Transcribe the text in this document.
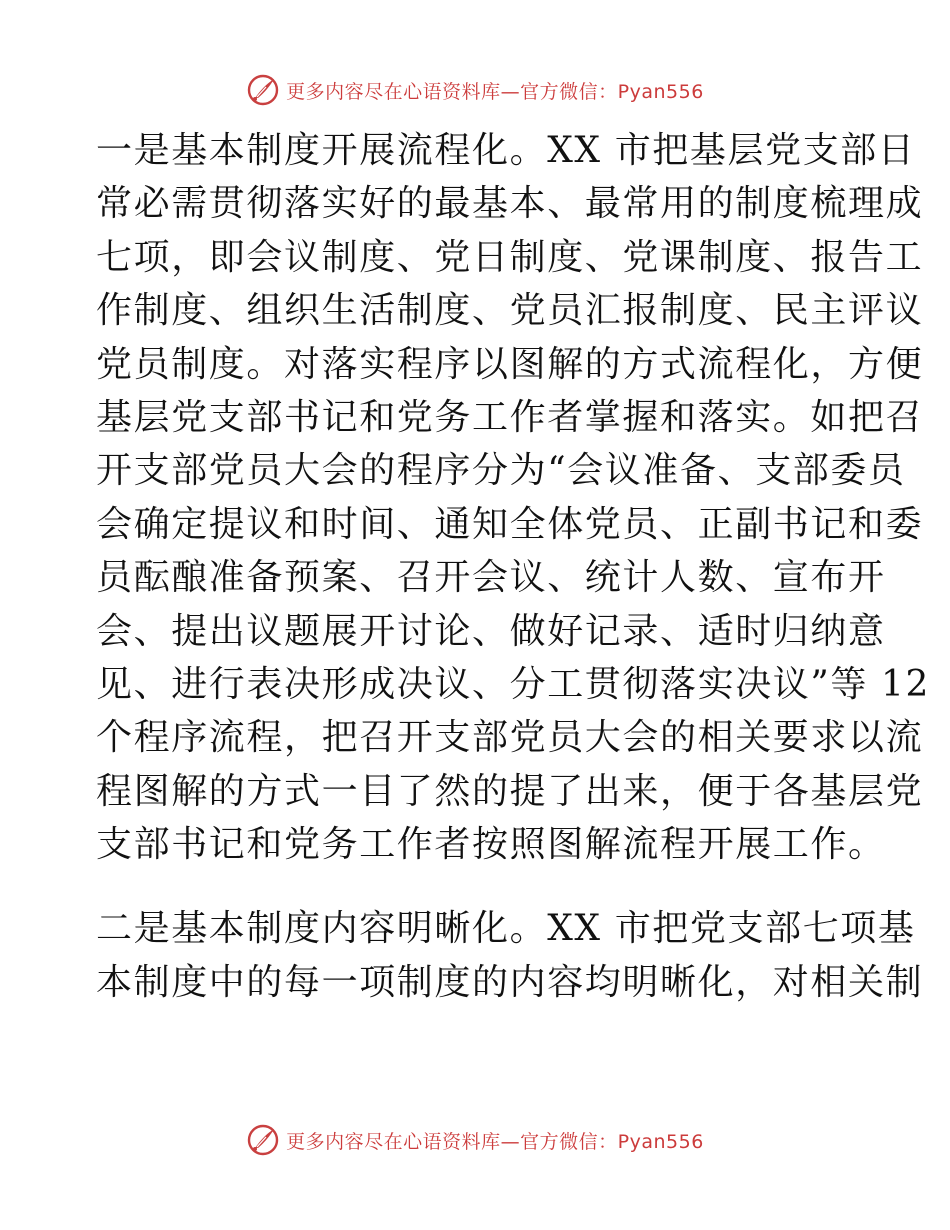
更多内容尽在心语资料库—官方微信：Pyan556
一是基本制度开展流程化。XX 市把基层党支部日
常必需贯彻落实好的最基本、最常用的制度梳理成
七项，即会议制度、党日制度、党课制度、报告工
作制度、组织生活制度、党员汇报制度、民主评议
党员制度。对落实程序以图解的方式流程化，方便
基层党支部书记和党务工作者掌握和落实。如把召
开支部党员大会的程序分为“会议准备、支部委员
会确定提议和时间、通知全体党员、正副书记和委
员酝酿准备预案、召开会议、统计人数、宣布开
会、提出议题展开讨论、做好记录、适时归纳意
见、进行表决形成决议、分工贯彻落实决议”等 12
个程序流程，把召开支部党员大会的相关要求以流
程图解的方式一目了然的提了出来，便于各基层党
支部书记和党务工作者按照图解流程开展工作。
二是基本制度内容明晰化。XX 市把党支部七项基
本制度中的每一项制度的内容均明晰化，对相关制
更多内容尽在心语资料库—官方微信：Pyan556
